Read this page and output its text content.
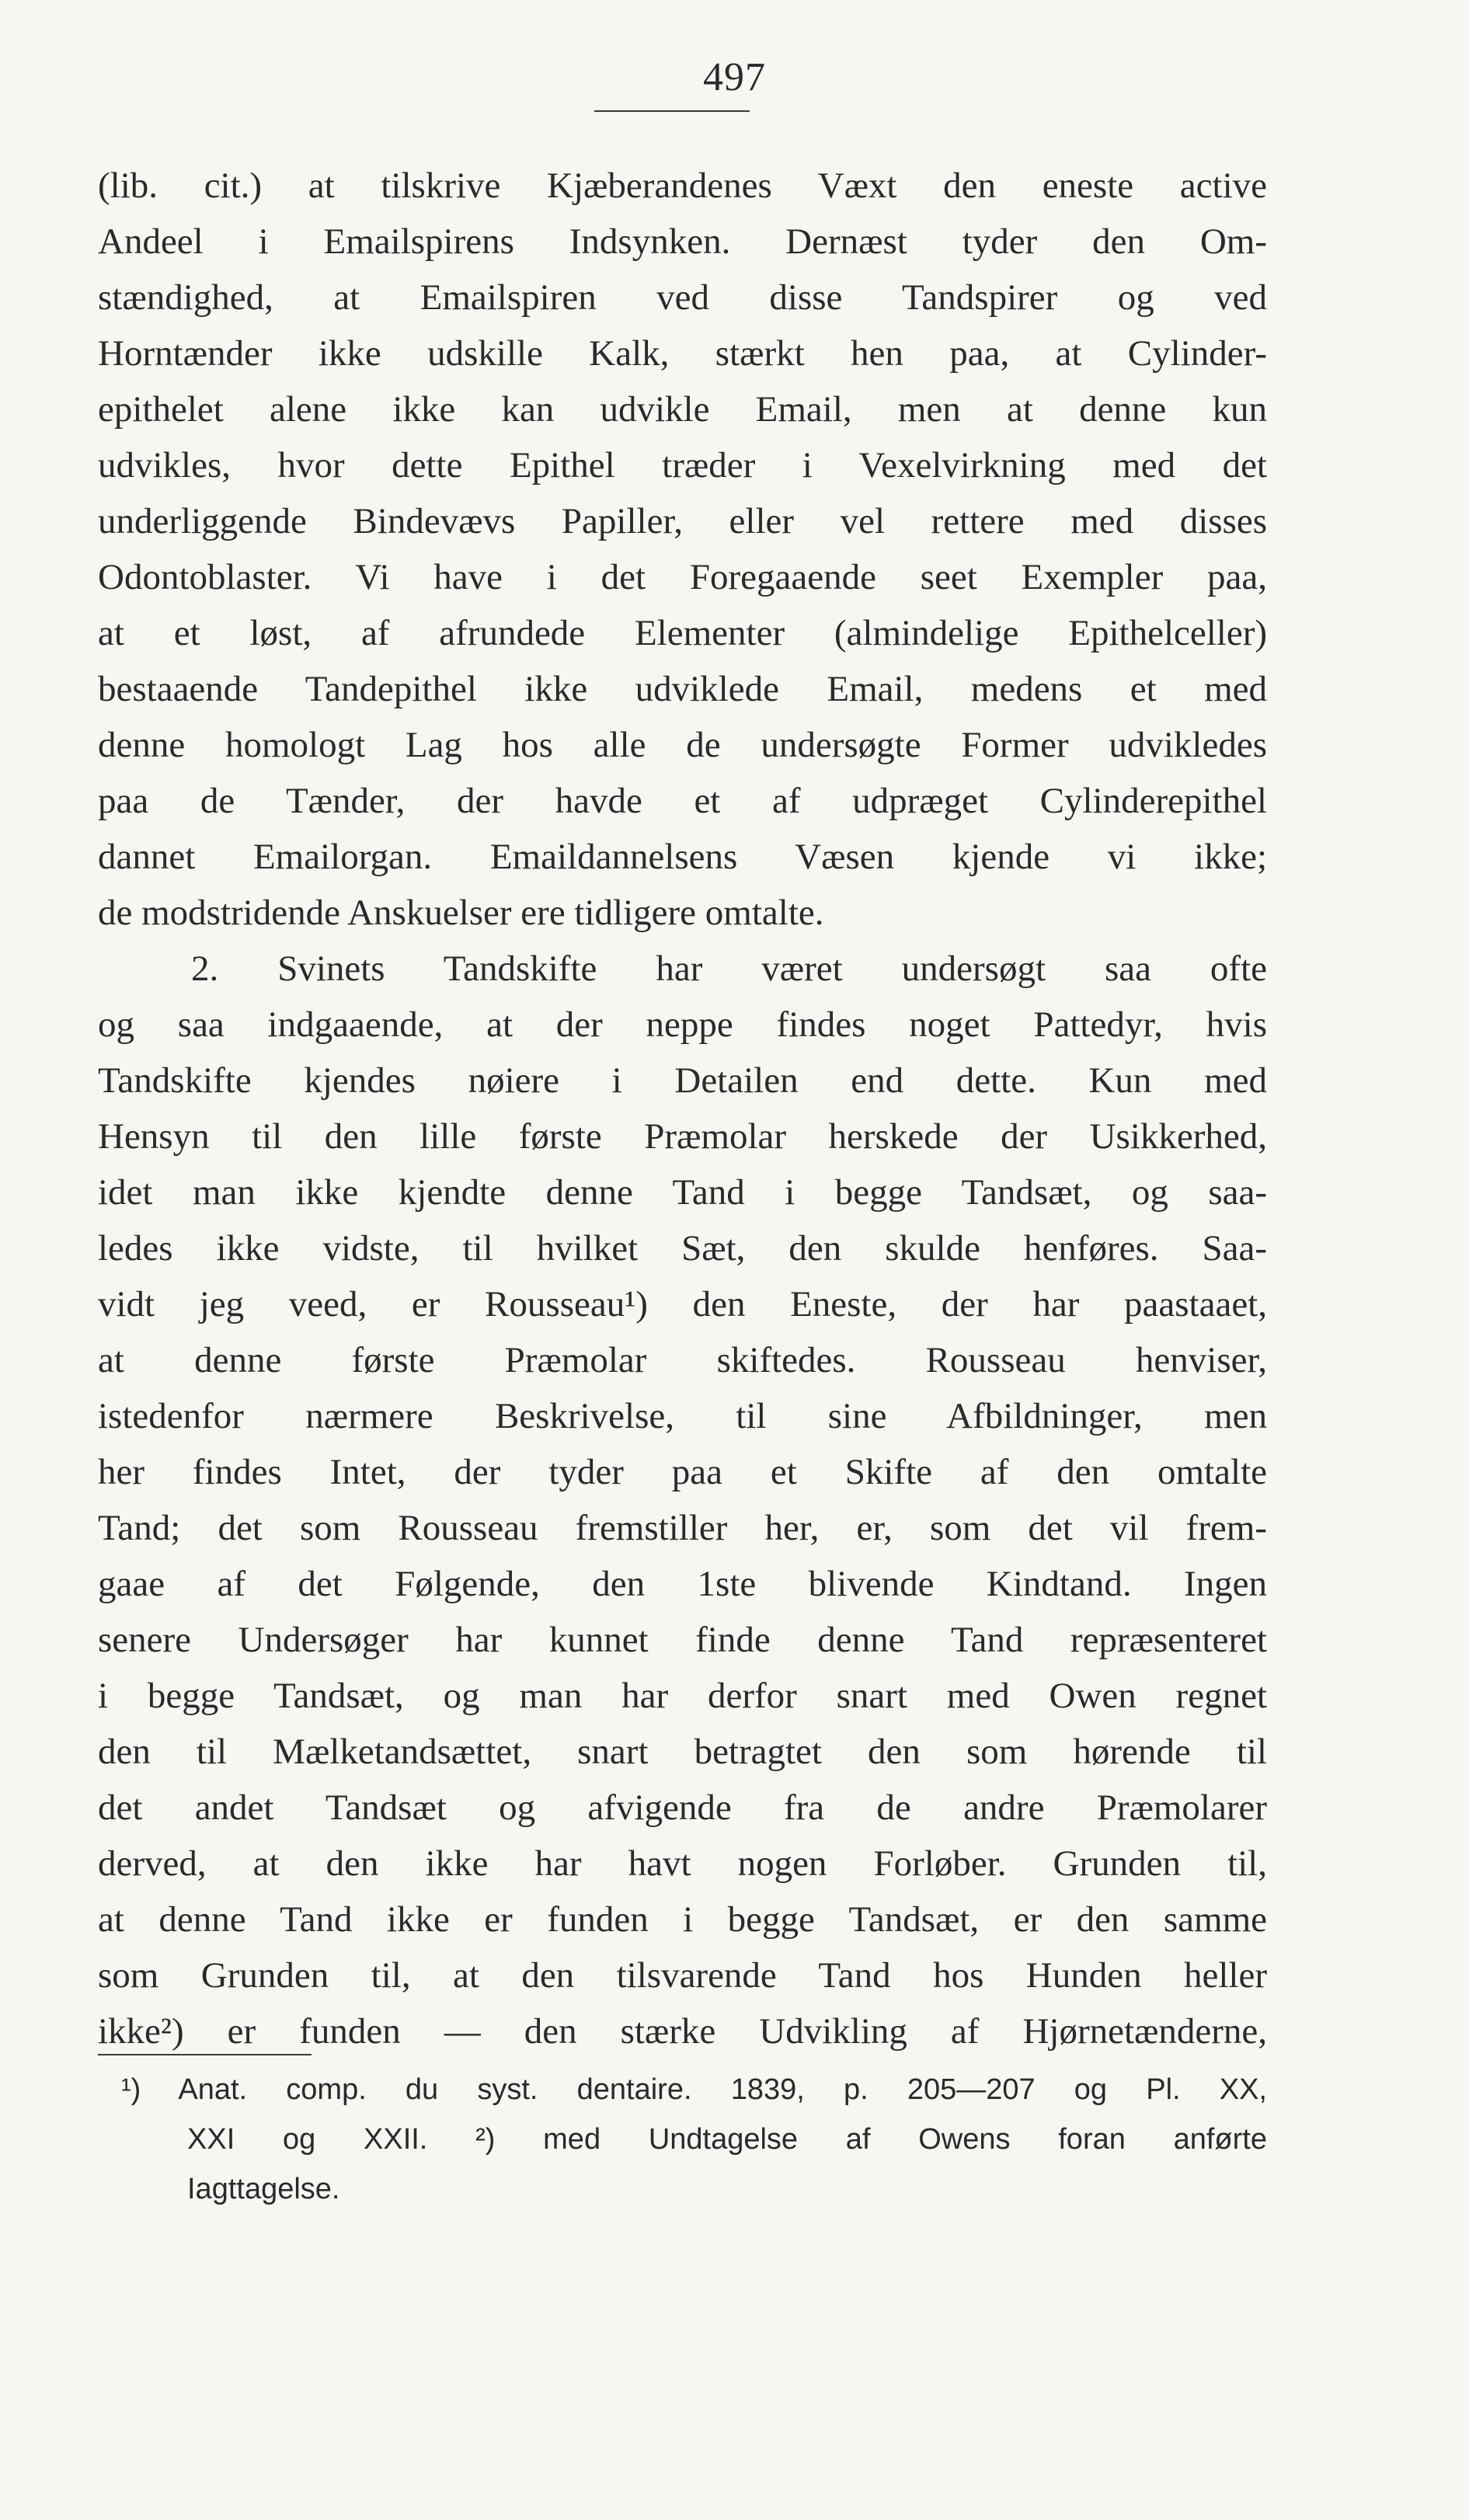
497
(lib. cit.) at tilskrive Kjæberandenes Væxt den eneste active
Andeel i Emailspirens Indsynken. Dernæst tyder den Om-
stændighed, at Emailspiren ved disse Tandspirer og ved
Horntænder ikke udskille Kalk, stærkt hen paa, at Cylinder-
epithelet alene ikke kan udvikle Email, men at denne kun
udvikles, hvor dette Epithel træder i Vexelvirkning med det
underliggende Bindevævs Papiller, eller vel rettere med disses
Odontoblaster. Vi have i det Foregaaende seet Exempler paa,
at et løst, af afrundede Elementer (almindelige Epithelceller)
bestaaende Tandepithel ikke udviklede Email, medens et med
denne homologt Lag hos alle de undersøgte Former udvikledes
paa de Tænder, der havde et af udpræget Cylinderepithel
dannet Emailorgan. Emaildannelsens Væsen kjende vi ikke;
de modstridende Anskuelser ere tidligere omtalte.
2. Svinets Tandskifte har været undersøgt saa ofte
og saa indgaaende, at der neppe findes noget Pattedyr, hvis
Tandskifte kjendes nøiere i Detailen end dette. Kun med
Hensyn til den lille første Præmolar herskede der Usikkerhed,
idet man ikke kjendte denne Tand i begge Tandsæt, og saa-
ledes ikke vidste, til hvilket Sæt, den skulde henføres. Saa-
vidt jeg veed, er Rousseau¹) den Eneste, der har paastaaet,
at denne første Præmolar skiftedes. Rousseau henviser,
istedenfor nærmere Beskrivelse, til sine Afbildninger, men
her findes Intet, der tyder paa et Skifte af den omtalte
Tand; det som Rousseau fremstiller her, er, som det vil frem-
gaae af det Følgende, den 1ste blivende Kindtand. Ingen
senere Undersøger har kunnet finde denne Tand repræsenteret
i begge Tandsæt, og man har derfor snart med Owen regnet
den til Mælketandsættet, snart betragtet den som hørende til
det andet Tandsæt og afvigende fra de andre Præmolarer
derved, at den ikke har havt nogen Forløber. Grunden til,
at denne Tand ikke er funden i begge Tandsæt, er den samme
som Grunden til, at den tilsvarende Tand hos Hunden heller
ikke²) er funden — den stærke Udvikling af Hjørnetænderne,
¹) Anat. comp. du syst. dentaire. 1839, p. 205—207 og Pl. XX,
XXI og XXII. ²) med Undtagelse af Owens foran anførte
Iagttagelse.
